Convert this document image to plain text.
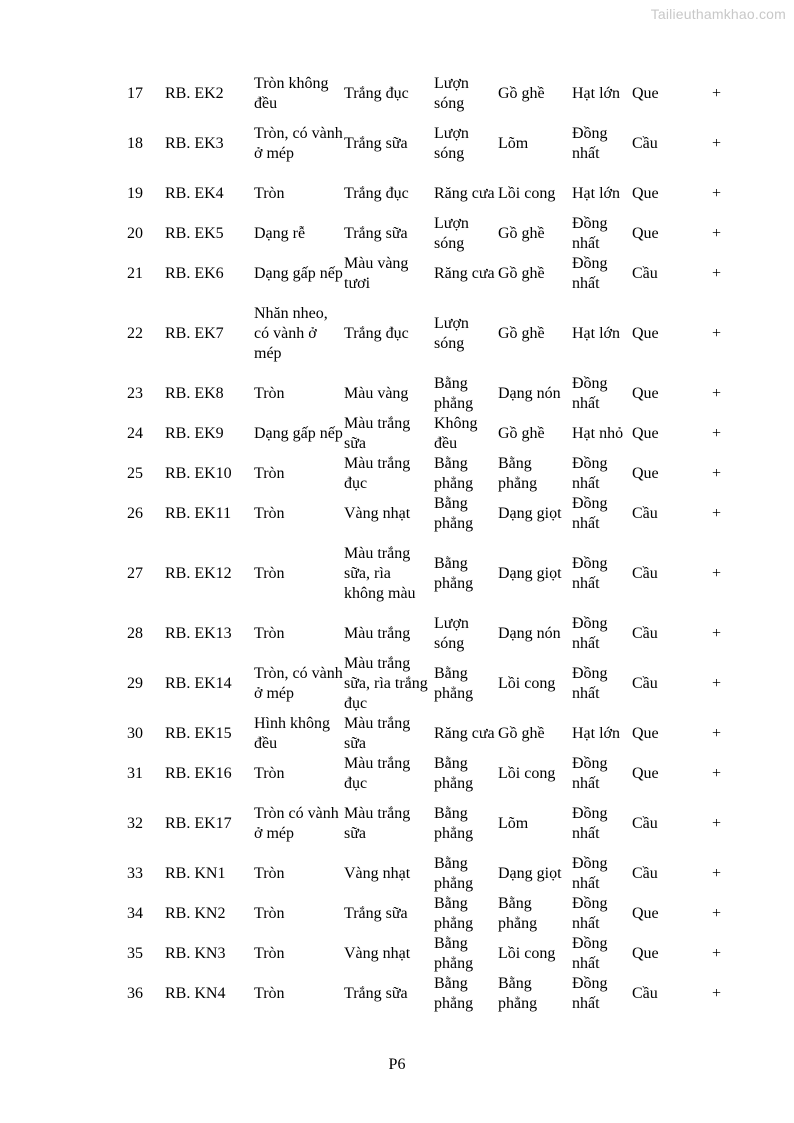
Tailieuthamkhao.com
17	RB. EK2	Tròn không đều	Trắng đục	Lượn sóng	Gồ ghề	Hạt lớn	Que	+
18	RB. EK3	Tròn, có vành ở mép	Trắng sữa	Lượn sóng	Lõm	Đồng nhất	Cầu	+
19	RB. EK4	Tròn	Trắng đục	Răng cưa	Lồi cong	Hạt lớn	Que	+
20	RB. EK5	Dạng rễ	Trắng sữa	Lượn sóng	Gồ ghề	Đồng nhất	Que	+
21	RB. EK6	Dạng gấp nếp	Màu vàng tươi	Răng cưa	Gồ ghề	Đồng nhất	Cầu	+
22	RB. EK7	Nhăn nheo, có vành ở mép	Trắng đục	Lượn sóng	Gồ ghề	Hạt lớn	Que	+
23	RB. EK8	Tròn	Màu vàng	Bằng phẳng	Dạng nón	Đồng nhất	Que	+
24	RB. EK9	Dạng gấp nếp	Màu trắng sữa	Không đều	Gồ ghề	Hạt nhỏ	Que	+
25	RB. EK10	Tròn	Màu trắng đục	Bằng phẳng	Bằng phẳng	Đồng nhất	Que	+
26	RB. EK11	Tròn	Vàng nhạt	Bằng phẳng	Dạng giọt	Đồng nhất	Cầu	+
27	RB. EK12	Tròn	Màu trắng sữa, rìa không màu	Bằng phẳng	Dạng giọt	Đồng nhất	Cầu	+
28	RB. EK13	Tròn	Màu trắng	Lượn sóng	Dạng nón	Đồng nhất	Cầu	+
29	RB. EK14	Tròn, có vành ở mép	Màu trắng sữa, rìa trắng đục	Bằng phẳng	Lồi cong	Đồng nhất	Cầu	+
30	RB. EK15	Hình không đều	Màu trắng sữa	Răng cưa	Gồ ghề	Hạt lớn	Que	+
31	RB. EK16	Tròn	Màu trắng đục	Bằng phẳng	Lồi cong	Đồng nhất	Que	+
32	RB. EK17	Tròn có vành ở mép	Màu trắng sữa	Bằng phẳng	Lõm	Đồng nhất	Cầu	+
33	RB. KN1	Tròn	Vàng nhạt	Bằng phẳng	Dạng giọt	Đồng nhất	Cầu	+
34	RB. KN2	Tròn	Trắng sữa	Bằng phẳng	Bằng phẳng	Đồng nhất	Que	+
35	RB. KN3	Tròn	Vàng nhạt	Bằng phẳng	Lồi cong	Đồng nhất	Que	+
36	RB. KN4	Tròn	Trắng sữa	Bằng phẳng	Bằng phẳng	Đồng nhất	Cầu	+
P6
